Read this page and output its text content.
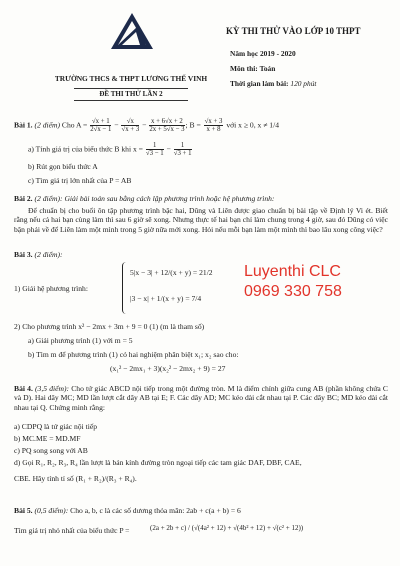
TRƯỜNG THCS & THPT LƯƠNG THẾ VINH
ĐỀ THI THỬ LẦN 2
KỲ THI THỬ VÀO LỚP 10 THPT
Năm học 2019 - 2020
Môn thi: Toán
Thời gian làm bài: 120 phút
Bài 1. (2 điểm) Cho $A = \frac{√x + 1}{2√x - 1} - \frac{√x}{√x + 3} - \frac{x + 6√x + 2}{2x + 5√x - 3}$ ; $B = \frac{√x + 3}{x + 8}$ với x ≥ 0, x ≠ 1/4
a) Tính giá trị của biểu thức B khi $x = \frac{1}{√3 - 1} - \frac{1}{√3 + 1}$
b) Rút gọn biểu thức A
c) Tìm giá trị lớn nhất của P = AB
Bài 2. (2 điểm): Giải bài toán sau bằng cách lập phương trình hoặc hệ phương trình:
Để chuẩn bị cho buổi ôn tập phương trình bậc hai, Dũng và Liên được giao chuẩn bị bài tập về Định lý Vi ét. Biết rằng nếu cả hai bạn cùng làm thì sau 6 giờ sẽ xong. Nhưng thực tế hai bạn chỉ làm chung trong 4 giờ, sau đó Dũng có việc bận phải về để Liên làm một mình trong 5 giờ nữa mới xong. Hỏi nếu mỗi bạn làm một mình thì bao lâu xong công việc?
Bài 3. (2 điểm):
1) Giải hệ phương trình:
5|x − 3| + 12/(x + y) = 21/2
|3 − x| + 1/(x + y) = 7/4
Luyenthi CLC
0969 330 758
2) Cho phương trình x² − 2mx + 3m + 9 = 0 (1) (m là tham số)
a) Giải phương trình (1) với m = 5
b) Tìm m để phương trình (1) có hai nghiệm phân biệt x₁; x₂ sao cho:
(x₁² − 2mx₁ + 3)(x₂² − 2mx₂ + 9) = 27
Bài 4. (3,5 điểm): Cho tứ giác ABCD nội tiếp trong một đường tròn. M là điểm chính giữa cung AB (phần không chứa C và D). Hai dây MC; MD lần lượt cắt dây AB tại E; F. Các dây AD; MC kéo dài cắt nhau tại P. Các dây BC; MD kéo dài cắt nhau tại Q. Chứng minh rằng:
a) CDPQ là tứ giác nội tiếp
b) MC.ME = MD.MF
c) PQ song song với AB
d) Gọi R₁, R₂, R₃, R₄ lần lượt là bán kính đường tròn ngoại tiếp các tam giác DAF, DBF, CAE,
CBE. Hãy tính tỉ số (R₁ + R₂)/(R₃ + R₄).
Bài 5. (0,5 điểm): Cho a, b, c là các số dương thỏa mãn: 2ab + c(a + b) = 6
Tìm giá trị nhỏ nhất của biểu thức P =	(2a + 2b + c) / (√(4a² + 12) + √(4b² + 12) + √(c² + 12))
